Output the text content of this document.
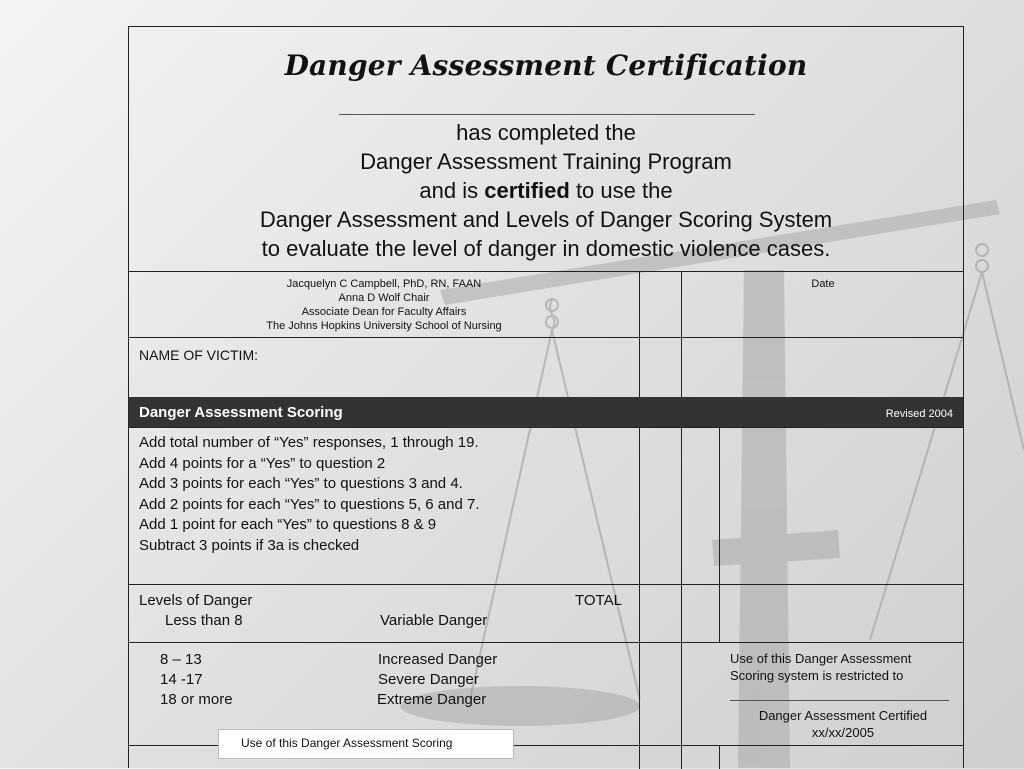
Danger Assessment Certification
has completed the
Danger Assessment Training Program
and is certified to use the
Danger Assessment and Levels of Danger Scoring System
to evaluate the level of danger in domestic violence cases.
Jacquelyn C Campbell, PhD, RN, FAAN
Anna D Wolf Chair
Associate Dean for Faculty Affairs
The Johns Hopkins University School of Nursing
Date
NAME OF VICTIM:
Danger Assessment Scoring	Revised 2004
Add total number of “Yes” responses, 1 through 19.
Add 4 points for a “Yes” to question 2
Add 3 points for each “Yes” to questions 3 and 4.
Add 2 points for each “Yes” to questions 5, 6 and 7.
Add 1 point for each “Yes” to questions 8 & 9
Subtract 3 points if 3a is checked
Levels of Danger	TOTAL
Less than 8	Variable Danger
8 – 13	Increased Danger
14 -17	Severe Danger
18 or more	Extreme Danger
Use of this Danger Assessment Scoring system is restricted to
Danger Assessment Certified
xx/xx/2005
Use of this Danger Assessment Scoring
